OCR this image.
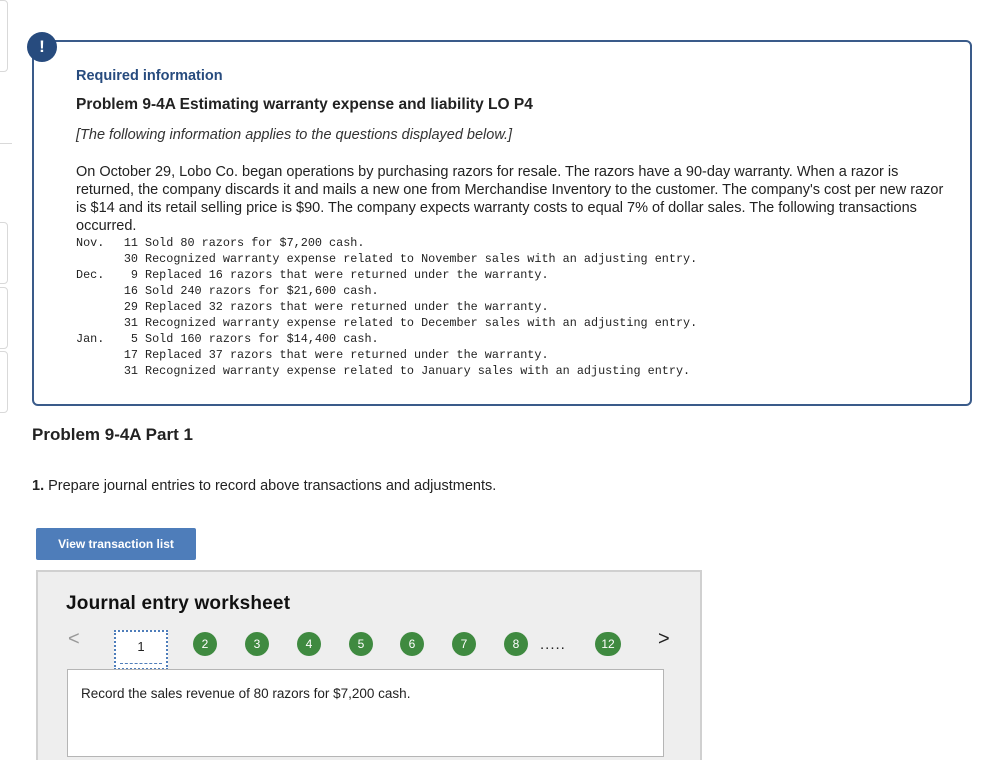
!
Required information
Problem 9-4A Estimating warranty expense and liability LO P4
[The following information applies to the questions displayed below.]
On October 29, Lobo Co. began operations by purchasing razors for resale. The razors have a 90-day warranty. When a razor is returned, the company discards it and mails a new one from Merchandise Inventory to the customer. The company's cost per new razor is $14 and its retail selling price is $90. The company expects warranty costs to equal 7% of dollar sales. The following transactions occurred.
Nov.	11 Sold 80 razors for $7,200 cash.
30 Recognized warranty expense related to November sales with an adjusting entry.
Dec.	9 Replaced 16 razors that were returned under the warranty.
16 Sold 240 razors for $21,600 cash.
29 Replaced 32 razors that were returned under the warranty.
31 Recognized warranty expense related to December sales with an adjusting entry.
Jan.	5 Sold 160 razors for $14,400 cash.
17 Replaced 37 razors that were returned under the warranty.
31 Recognized warranty expense related to January sales with an adjusting entry.
Problem 9-4A Part 1
1. Prepare journal entries to record above transactions and adjustments.
View transaction list
Journal entry worksheet
<	1	2	3	4	5	6	7	8	.....	12	>
Record the sales revenue of 80 razors for $7,200 cash.
